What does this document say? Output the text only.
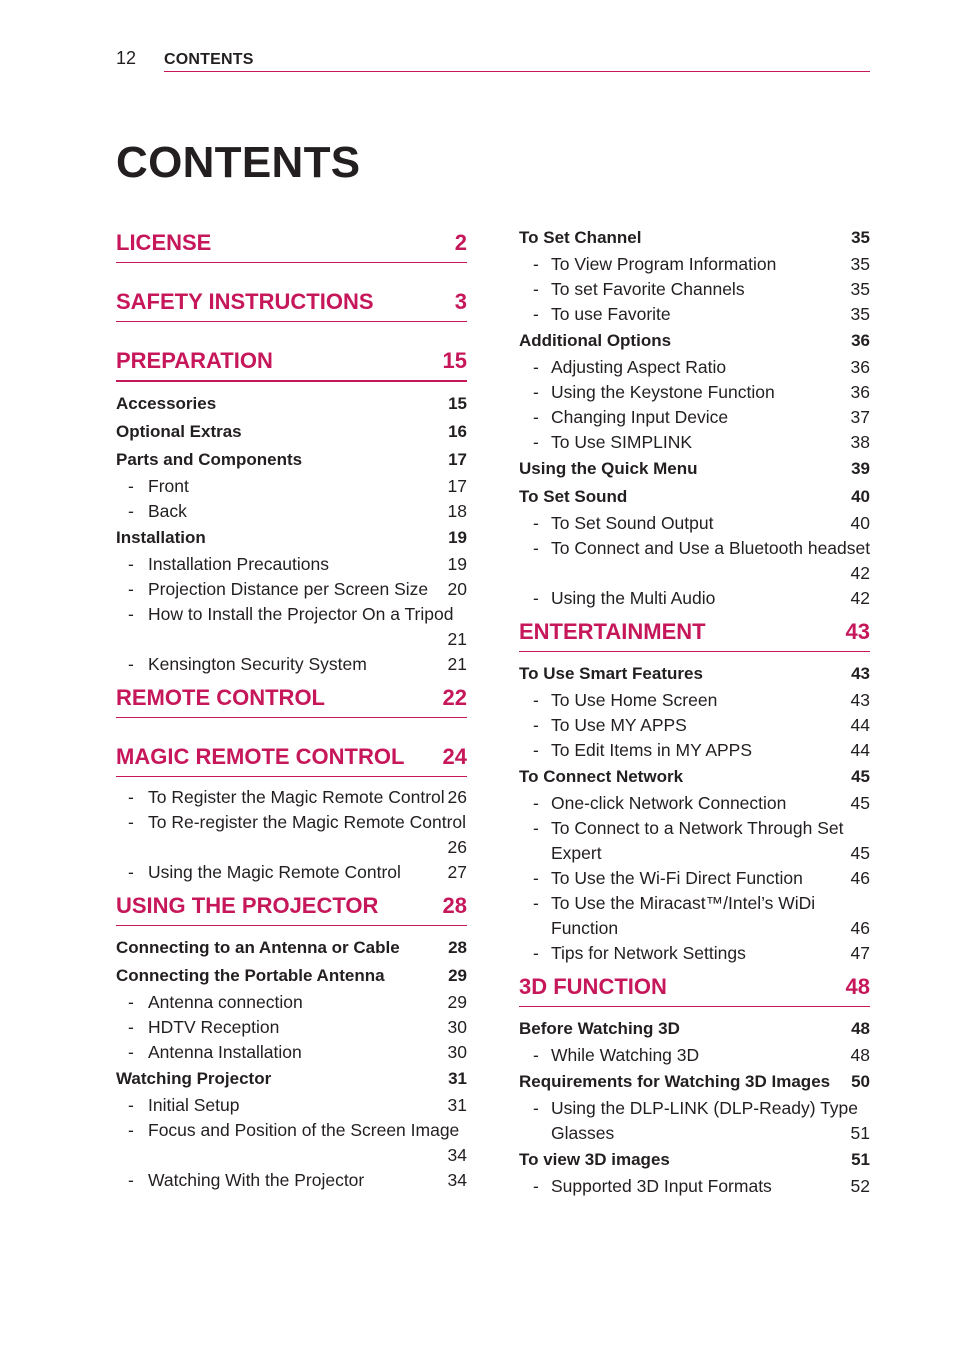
12 CONTENTS
CONTENTS
LICENSE	2
SAFETY INSTRUCTIONS	3
PREPARATION	15
Accessories	15
Optional Extras	16
Parts and Components	17
- Front	17
- Back	18
Installation	19
- Installation Precautions	19
- Projection Distance per Screen Size 20
- How to Install the Projector On a Tripod
21
- Kensington Security System	21
REMOTE CONTROL	22
MAGIC REMOTE CONTROL 24
- To Register the Magic Remote Control 26
- To Re-register the Magic Remote Control
26
- Using the Magic Remote Control	27
USING THE PROJECTOR	28
Connecting to an Antenna or Cable	28
Connecting the Portable Antenna	29
- Antenna connection	29
- HDTV Reception	30
- Antenna Installation	30
Watching Projector	31
- Initial Setup	31
- Focus and Position of the Screen Image
34
- Watching With the Projector	34
To Set Channel	35
- To View Program Information	35
- To set Favorite Channels	35
- To use Favorite	35
Additional Options	36
- Adjusting Aspect Ratio	36
- Using the Keystone Function	36
- Changing Input Device	37
- To Use SIMPLINK	38
Using the Quick Menu	39
To Set Sound	40
- To Set Sound Output	40
- To Connect and Use a Bluetooth headset
42
- Using the Multi Audio	42
ENTERTAINMENT	43
To Use Smart Features	43
- To Use Home Screen	43
- To Use MY APPS	44
- To Edit Items in MY APPS	44
To Connect Network	45
- One-click Network Connection	45
- To Connect to a Network Through Set
Expert	45
- To Use the Wi-Fi Direct Function	46
- To Use the Miracast™/Intel’s WiDi
Function	46
- Tips for Network Settings	47
3D FUNCTION	48
Before Watching 3D	48
- While Watching 3D	48
Requirements for Watching 3D Images 50
- Using the DLP-LINK (DLP-Ready) Type
Glasses	51
To view 3D images	51
- Supported 3D Input Formats	52
